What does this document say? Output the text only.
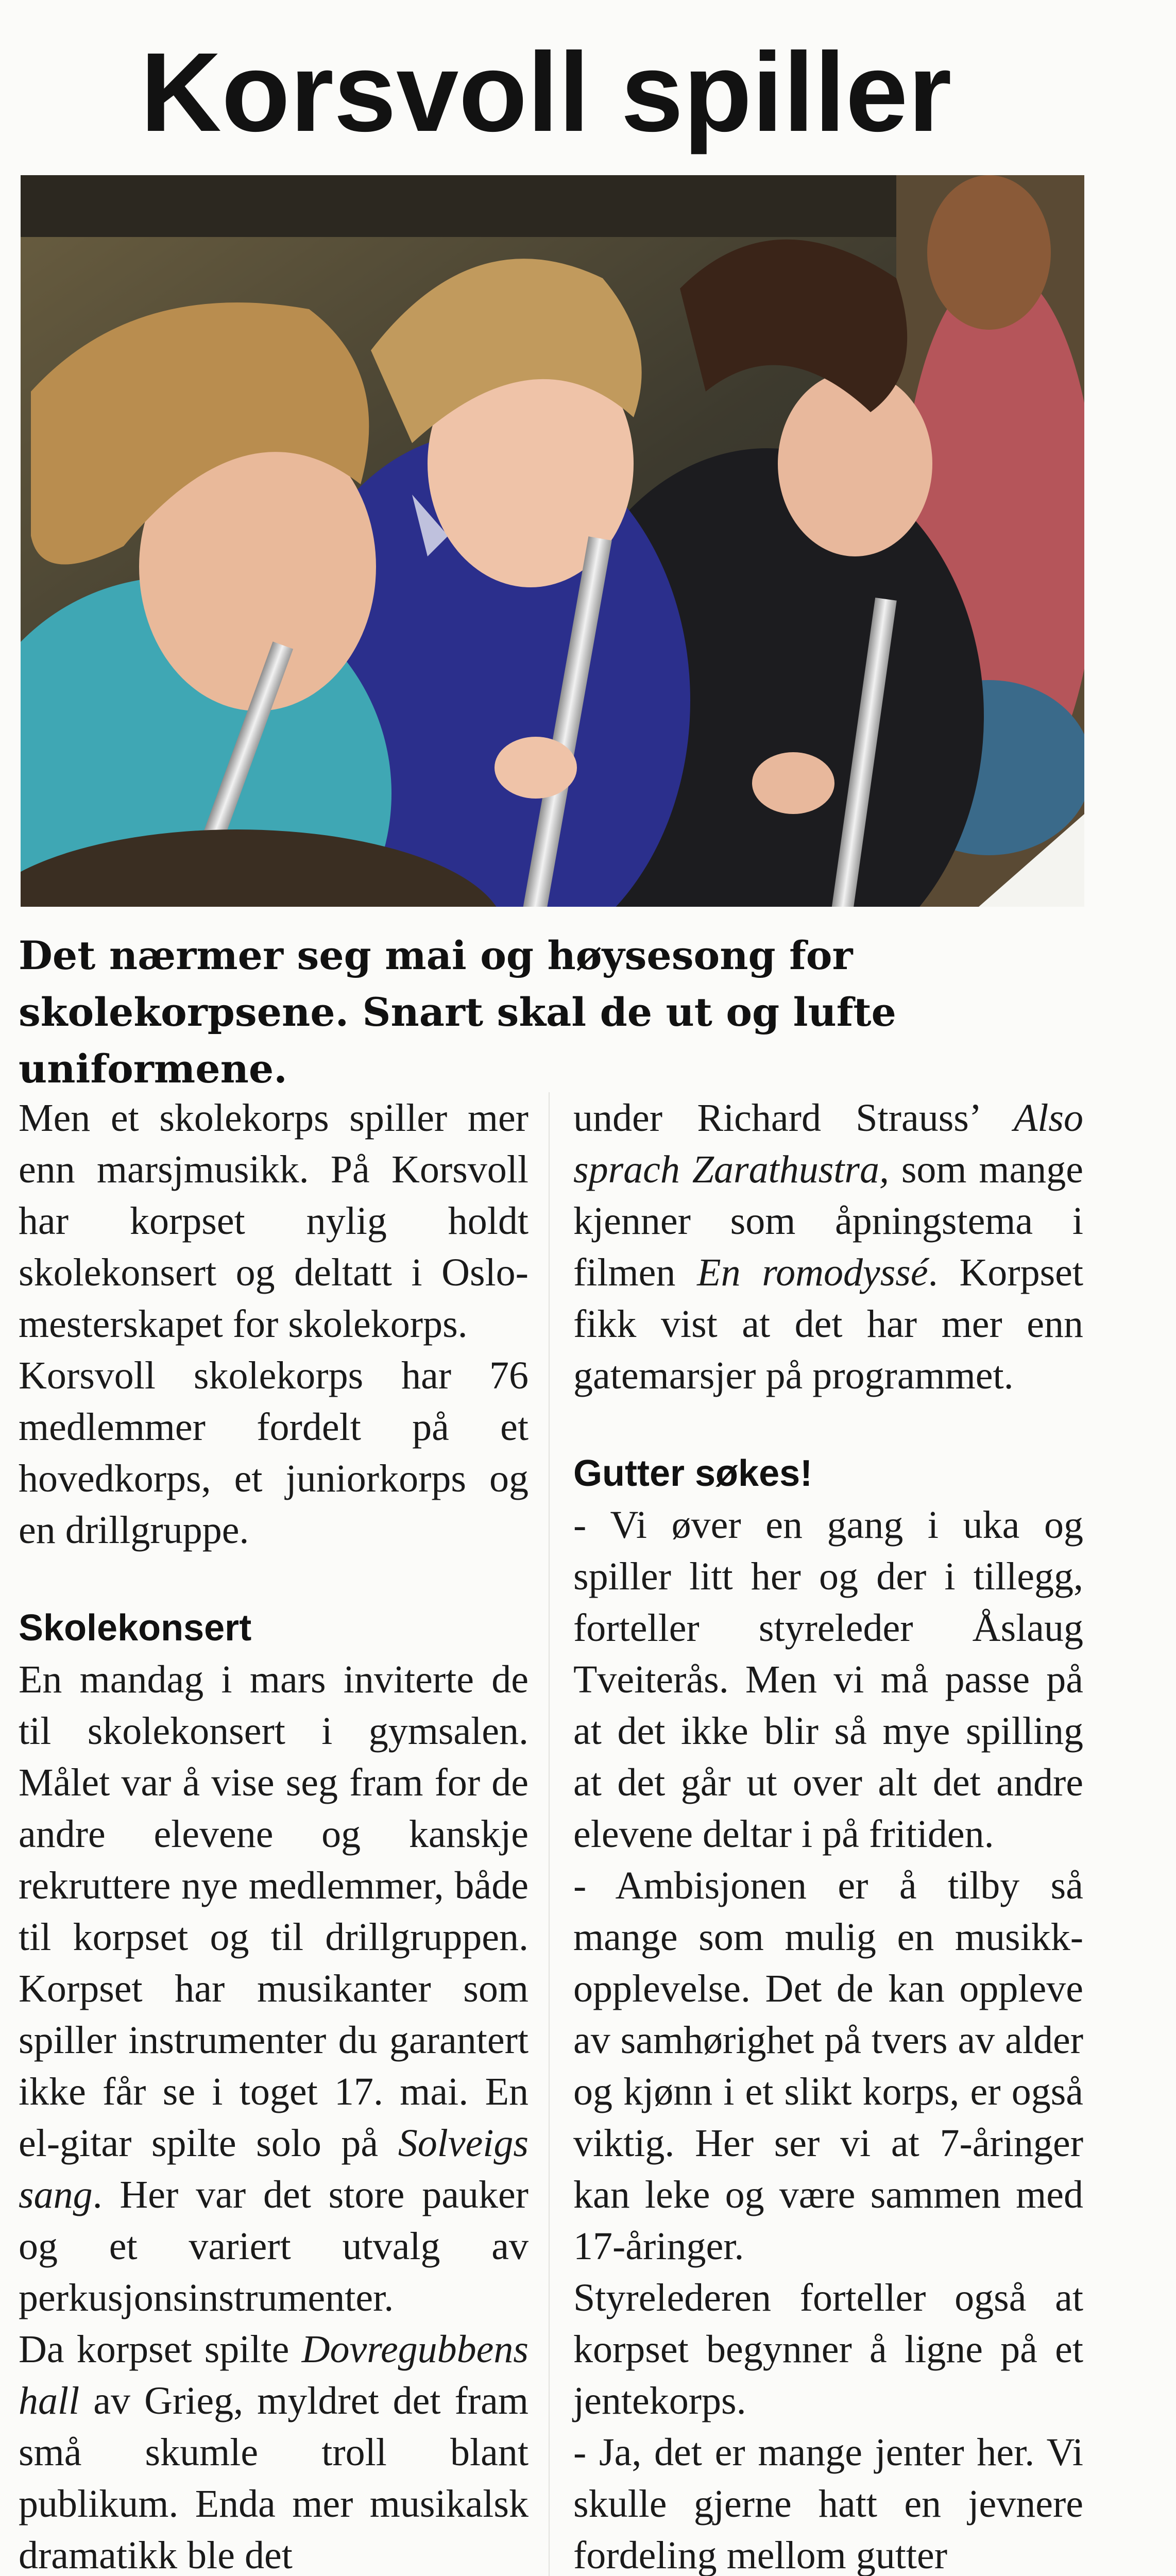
Korsvoll spiller

Det nærmer seg mai og høysesong for skolekorpsene. Snart skal de ut og lufte uniformene.

Men et skolekorps spiller mer enn marsjmusikk. På Korsvoll har korpset nylig holdt skolekonsert og deltatt i Oslo-mesterskapet for skolekorps.

Korsvoll skolekorps har 76 medlemmer fordelt på et hovedkorps, et juniorkorps og en drillgruppe.

Skolekonsert

En mandag i mars inviterte de til skolekonsert i gymsalen. Målet var å vise seg fram for de andre elevene og kanskje rekruttere nye medlemmer, både til korpset og til drillgruppen. Korpset har musikanter som spiller instrumenter du garantert ikke får se i toget 17. mai. En el-gitar spilte solo på Solveigs sang. Her var det store pauker og et variert utvalg av perkusjonsinstrumenter.

Da korpset spilte Dovregubbens hall av Grieg, myldret det fram små skumle troll blant publikum. Enda mer musikalsk dramatikk ble det

under Richard Strauss’ Also sprach Zarathustra, som mange kjenner som åpningstema i filmen En romodyssé. Korpset fikk vist at det har mer enn gatemarsjer på programmet.

Gutter søkes!

- Vi øver en gang i uka og spiller litt her og der i tillegg, forteller styreleder Åslaug Tveiterås. Men vi må passe på at det ikke blir så mye spilling at det går ut over alt det andre elevene deltar i på fritiden.

- Ambisjonen er å tilby så mange som mulig en musikkopplevelse. Det de kan oppleve av samhørighet på tvers av alder og kjønn i et slikt korps, er også viktig. Her ser vi at 7-åringer kan leke og være sammen med 17-åringer.

Styrelederen forteller også at korpset begynner å ligne på et jentekorps.

- Ja, det er mange jenter her. Vi skulle gjerne hatt en jevnere fordeling mellom gutter
